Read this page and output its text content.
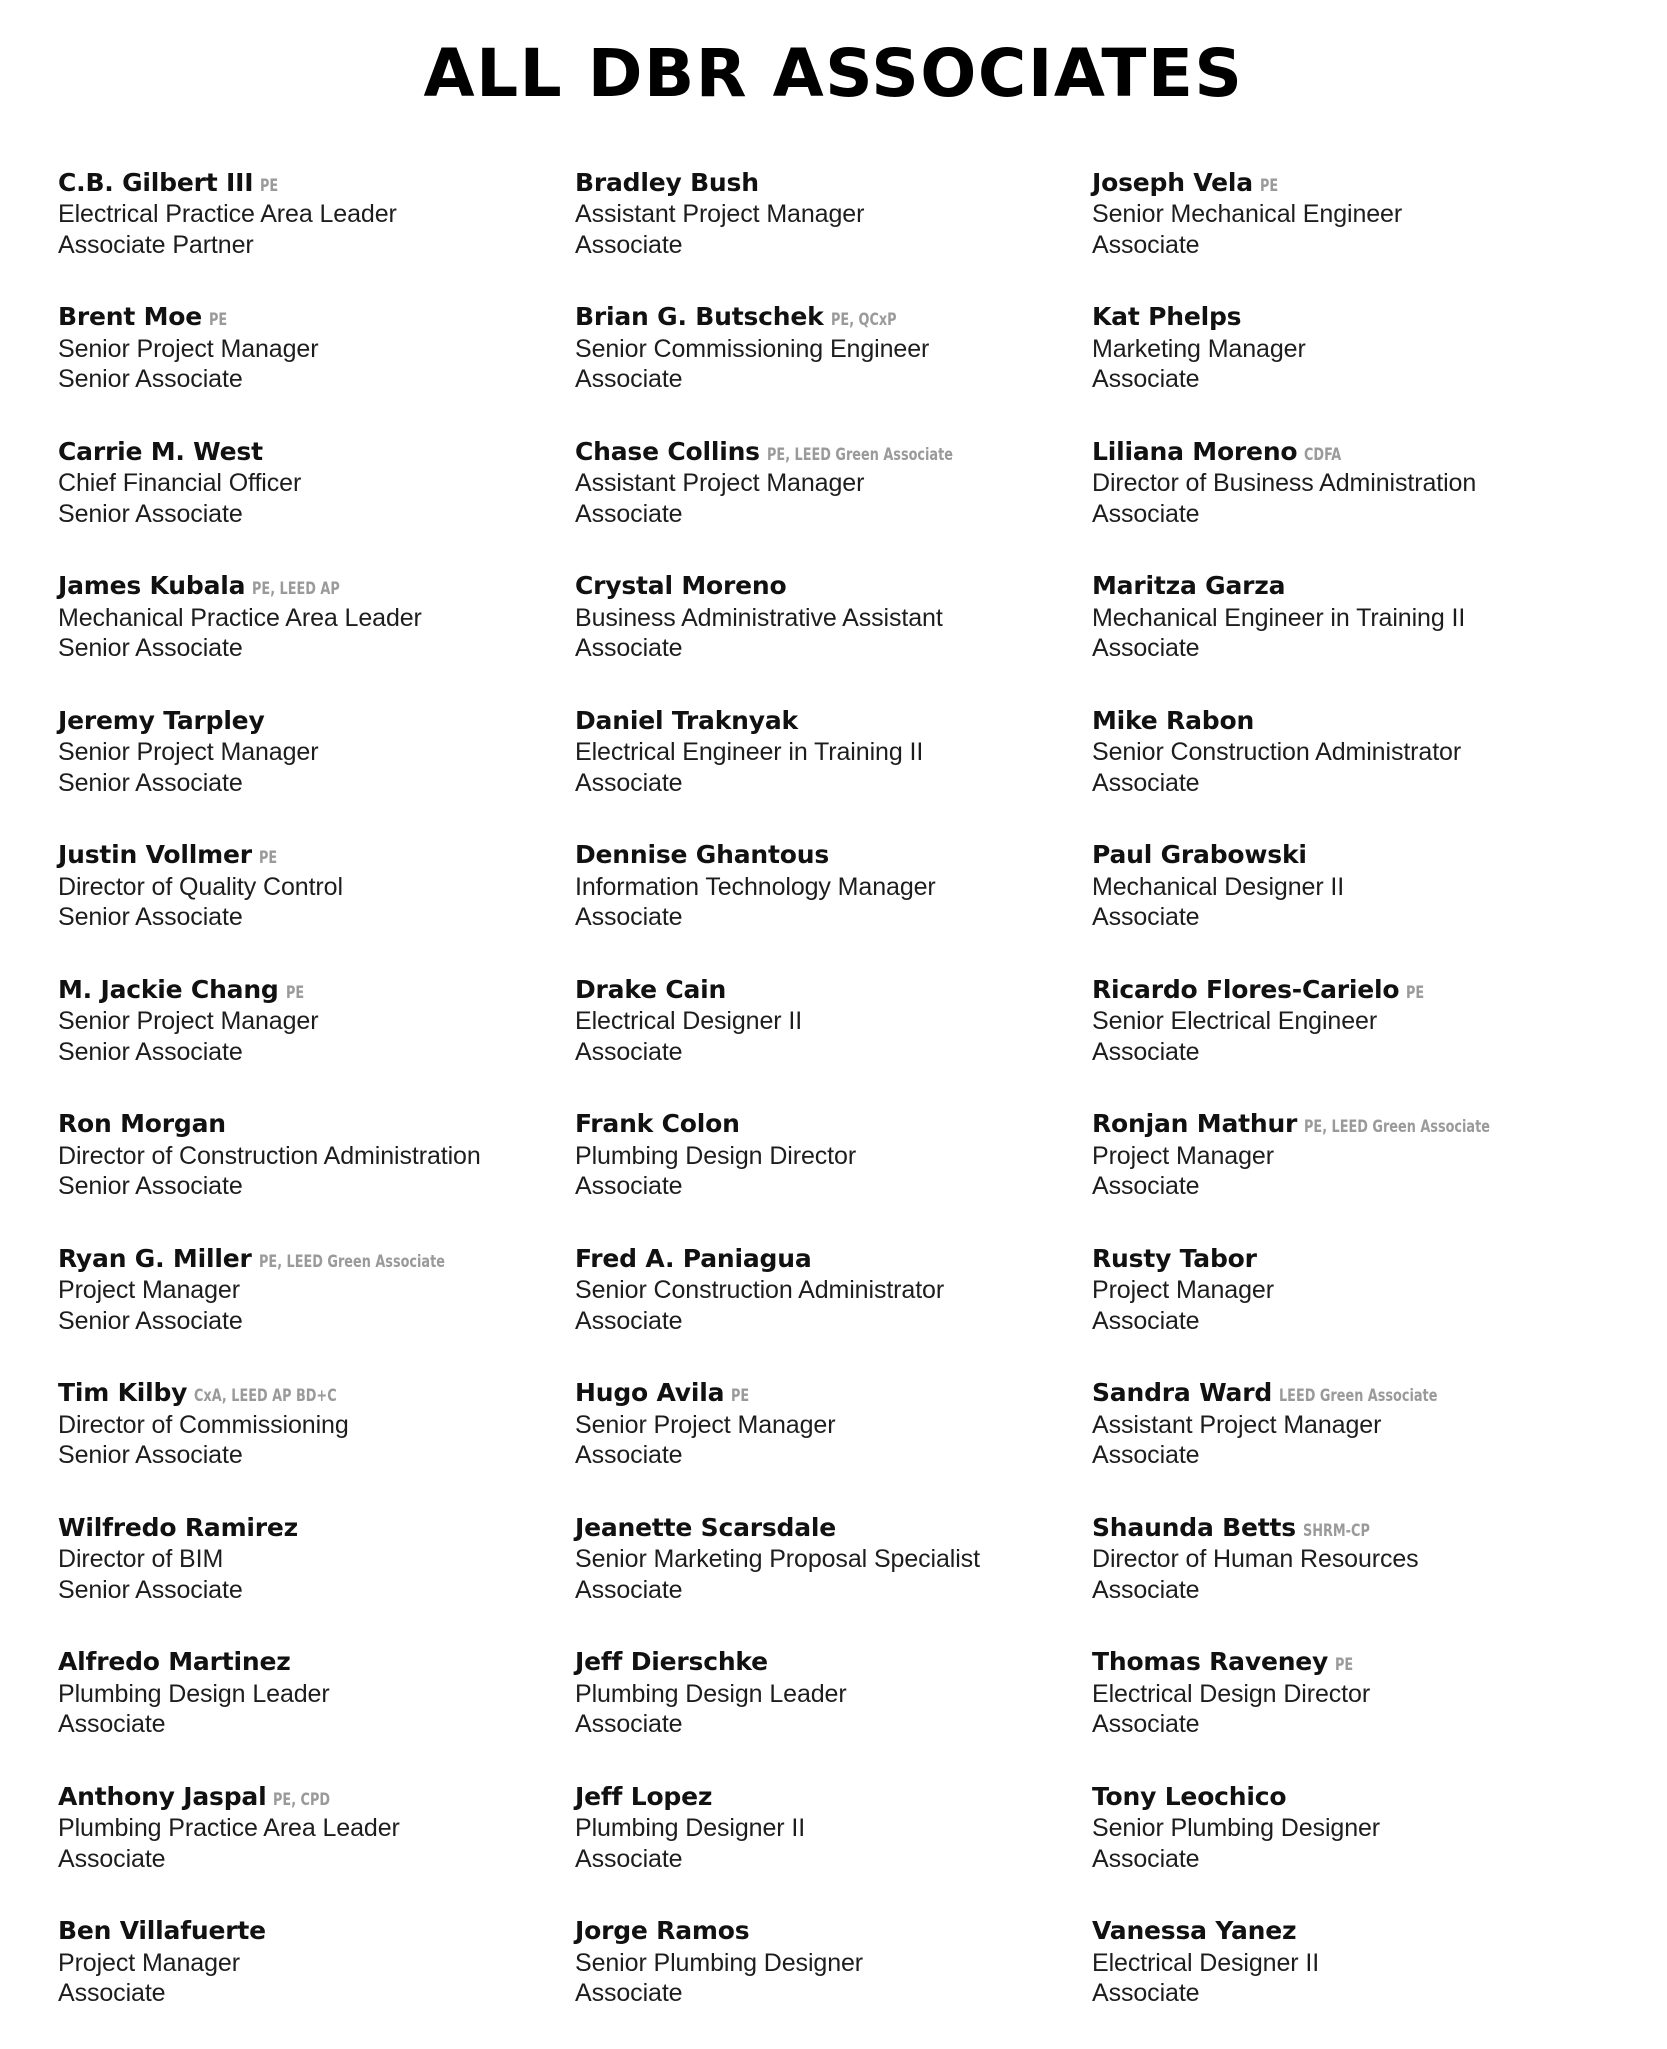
ALL DBR ASSOCIATES
C.B. Gilbert III PE
Electrical Practice Area Leader
Associate Partner
Brent Moe PE
Senior Project Manager
Senior Associate
Carrie M. West
Chief Financial Officer
Senior Associate
James Kubala PE, LEED AP
Mechanical Practice Area Leader
Senior Associate
Jeremy Tarpley
Senior Project Manager
Senior Associate
Justin Vollmer PE
Director of Quality Control
Senior Associate
M. Jackie Chang PE
Senior Project Manager
Senior Associate
Ron Morgan
Director of Construction Administration
Senior Associate
Ryan G. Miller PE, LEED Green Associate
Project Manager
Senior Associate
Tim Kilby CxA, LEED AP BD+C
Director of Commissioning
Senior Associate
Wilfredo Ramirez
Director of BIM
Senior Associate
Alfredo Martinez
Plumbing Design Leader
Associate
Anthony Jaspal PE, CPD
Plumbing Practice Area Leader
Associate
Ben Villafuerte
Project Manager
Associate
Bradley Bush
Assistant Project Manager
Associate
Brian G. Butschek PE, QCxP
Senior Commissioning Engineer
Associate
Chase Collins PE, LEED Green Associate
Assistant Project Manager
Associate
Crystal Moreno
Business Administrative Assistant
Associate
Daniel Traknyak
Electrical Engineer in Training II
Associate
Dennise Ghantous
Information Technology Manager
Associate
Drake Cain
Electrical Designer II
Associate
Frank Colon
Plumbing Design Director
Associate
Fred A. Paniagua
Senior Construction Administrator
Associate
Hugo Avila PE
Senior Project Manager
Associate
Jeanette Scarsdale
Senior Marketing Proposal Specialist
Associate
Jeff Dierschke
Plumbing Design Leader
Associate
Jeff Lopez
Plumbing Designer II
Associate
Jorge Ramos
Senior Plumbing Designer
Associate
Joseph Vela PE
Senior Mechanical Engineer
Associate
Kat Phelps
Marketing Manager
Associate
Liliana Moreno CDFA
Director of Business Administration
Associate
Maritza Garza
Mechanical Engineer in Training II
Associate
Mike Rabon
Senior Construction Administrator
Associate
Paul Grabowski
Mechanical Designer II
Associate
Ricardo Flores-Carielo PE
Senior Electrical Engineer
Associate
Ronjan Mathur PE, LEED Green Associate
Project Manager
Associate
Rusty Tabor
Project Manager
Associate
Sandra Ward LEED Green Associate
Assistant Project Manager
Associate
Shaunda Betts SHRM-CP
Director of Human Resources
Associate
Thomas Raveney PE
Electrical Design Director
Associate
Tony Leochico
Senior Plumbing Designer
Associate
Vanessa Yanez
Electrical Designer II
Associate
